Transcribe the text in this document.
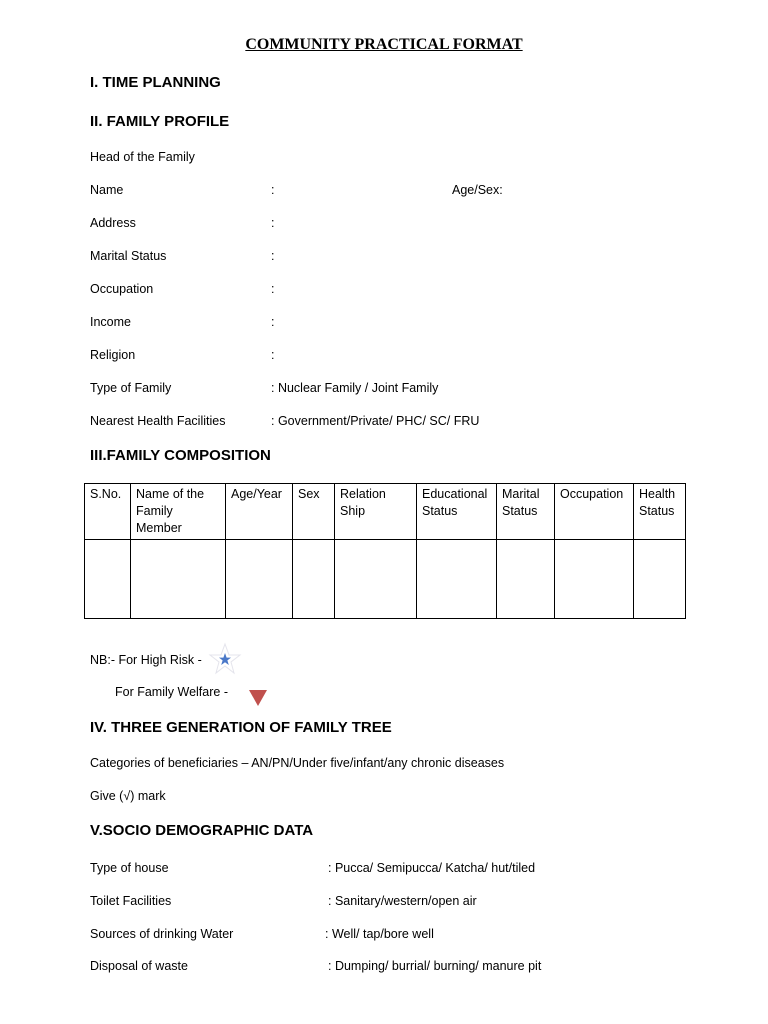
COMMUNITY PRACTICAL FORMAT
I. TIME PLANNING
II. FAMILY PROFILE
Head of the Family
Name	:	Age/Sex:
Address	:
Marital Status	:
Occupation	:
Income	:
Religion	:
Type of Family	: Nuclear Family / Joint Family
Nearest Health Facilities	: Government/Private/ PHC/ SC/ FRU
III.FAMILY COMPOSITION
S.No.	Name of the Family Member	Age/Year	Sex	Relation Ship	Educational Status	Marital Status	Occupation	Health Status

NB:- For High Risk -
For Family Welfare -
IV. THREE GENERATION OF FAMILY TREE
Categories of beneficiaries – AN/PN/Under five/infant/any chronic diseases
Give (√) mark
V.SOCIO DEMOGRAPHIC DATA
Type of house	: Pucca/ Semipucca/ Katcha/ hut/tiled
Toilet Facilities	: Sanitary/western/open air
Sources of drinking Water	: Well/ tap/bore well
Disposal of waste	: Dumping/ burrial/ burning/ manure pit
